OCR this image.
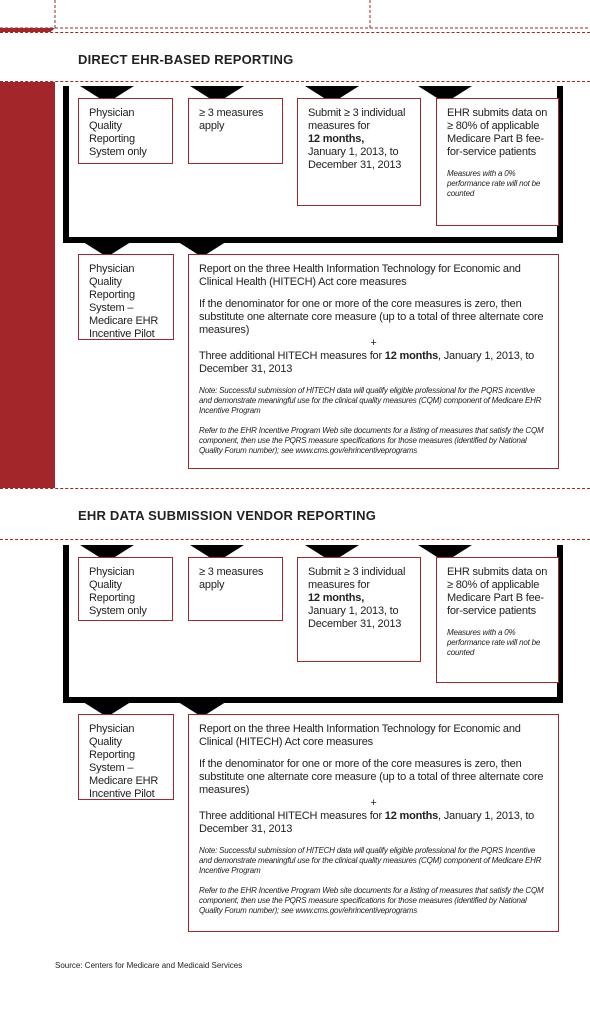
DIRECT EHR-BASED REPORTING
Physician Quality Reporting System only
≥ 3 measures apply
Submit ≥ 3 individual measures for
12 months,
January 1, 2013, to December 31, 2013
EHR submits data on ≥ 80% of applicable Medicare Part B fee-for-service patients
Measures with a 0% performance rate will not be counted
Physician Quality Reporting System – Medicare EHR Incentive Pilot
Report on the three Health Information Technology for Economic and Clinical Health (HITECH) Act core measures
If the denominator for one or more of the core measures is zero, then substitute one alternate core measure (up to a total of three alternate core measures)
+
Three additional HITECH measures for 12 months, January 1, 2013, to December 31, 2013
Note: Successful submission of HITECH data will qualify eligible professional for the PQRS incentive and demonstrate meaningful use for the clinical quality measures (CQM) component of Medicare EHR Incentive Program
Refer to the EHR Incentive Program Web site documents for a listing of measures that satisfy the CQM component, then use the PQRS measure specifications for those measures (identified by National Quality Forum number); see www.cms.gov/ehrincentiveprograms
EHR DATA SUBMISSION VENDOR REPORTING
Physician Quality Reporting System only
≥ 3 measures apply
Submit ≥ 3 individual measures for
12 months,
January 1, 2013, to December 31, 2013
EHR submits data on ≥ 80% of applicable Medicare Part B fee-for-service patients
Measures with a 0% performance rate will not be counted
Physician Quality Reporting System – Medicare EHR Incentive Pilot
Report on the three Health Information Technology for Economic and Clinical (HITECH) Act core measures
If the denominator for one or more of the core measures is zero, then substitute one alternate core measure (up to a total of three alternate core measures)
+
Three additional HITECH measures for 12 months, January 1, 2013, to December 31, 2013
Note: Successful submission of HITECH data will qualify eligible professional for the PQRS Incentive and demonstrate meaningful use for the clinical quality measures (CQM) component of Medicare EHR Incentive Program
Refer to the EHR Incentive Program Web site documents for a listing of measures that satisfy the CQM component, then use the PQRS measure specifications for those measures (identified by National Quality Forum number); see www.cms.gov/ehrincentiveprograms
Source: Centers for Medicare and Medicaid Services
